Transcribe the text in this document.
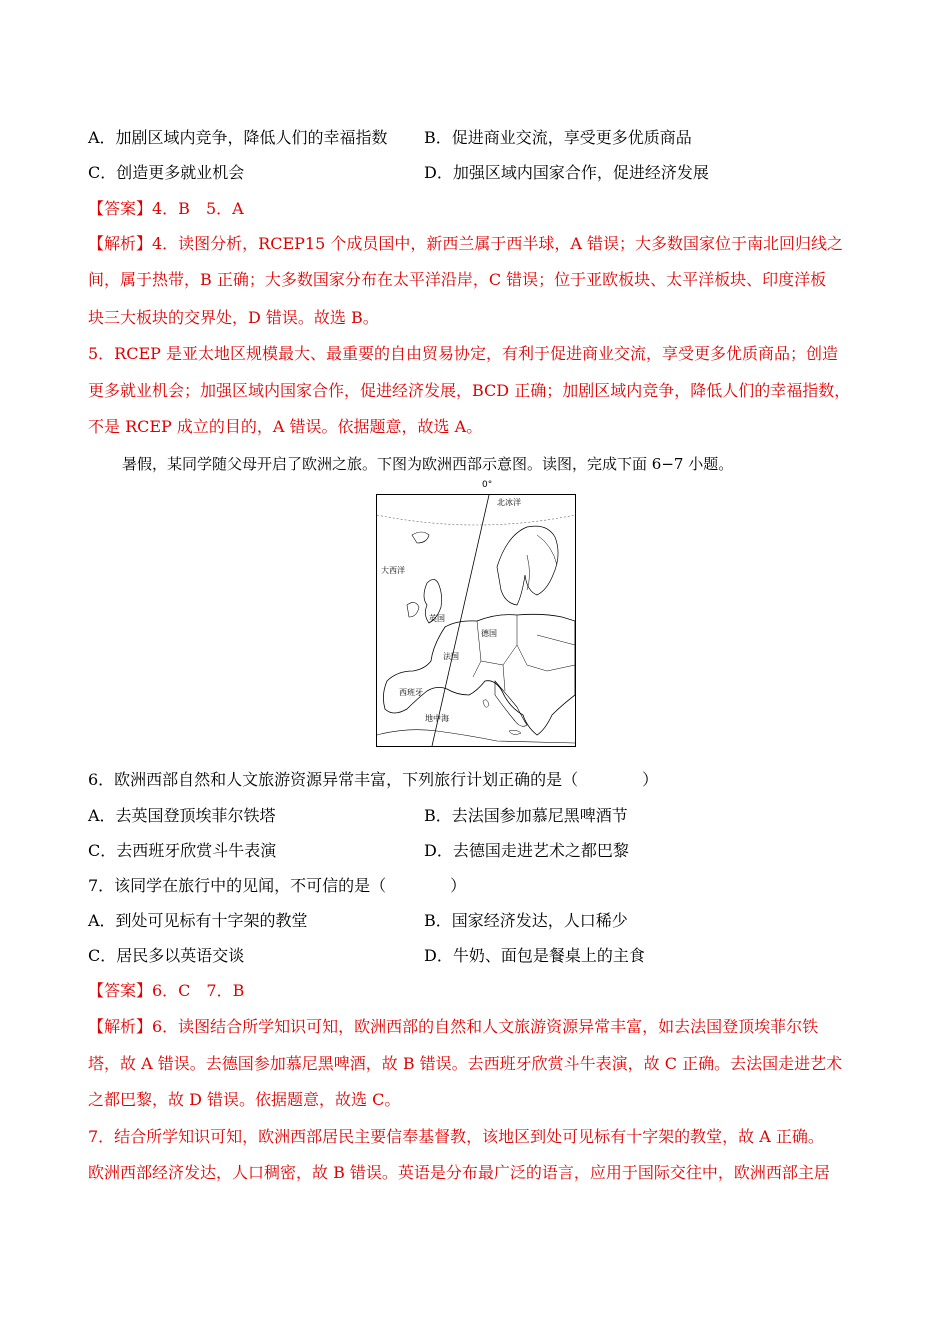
A．加剧区域内竞争，降低人们的幸福指数 B．促进商业交流，享受更多优质商品
C．创造更多就业机会	D．加强区域内国家合作，促进经济发展
【答案】4．B　5．A
【解析】4．读图分析，RCEP15 个成员国中，新西兰属于西半球，A 错误；大多数国家位于南北回归线之
间，属于热带，B 正确；大多数国家分布在太平洋沿岸，C 错误；位于亚欧板块、太平洋板块、印度洋板
块三大板块的交界处，D 错误。故选 B。
5．RCEP 是亚太地区规模最大、最重要的自由贸易协定，有利于促进商业交流，享受更多优质商品；创造
更多就业机会；加强区域内国家合作，促进经济发展，BCD 正确；加剧区域内竞争，降低人们的幸福指数，
不是 RCEP 成立的目的，A 错误。依据题意，故选 A。
暑假，某同学随父母开启了欧洲之旅。下图为欧洲西部示意图。读图，完成下面 6−7 小题。
0°
北冰洋
大西洋
英国
德国
法国
西班牙
地中海
6．欧洲西部自然和人文旅游资源异常丰富，下列旅行计划正确的是（　　　　）
A．去英国登顶埃菲尔铁塔	B．去法国参加慕尼黑啤酒节
C．去西班牙欣赏斗牛表演	D．去德国走进艺术之都巴黎
7．该同学在旅行中的见闻，不可信的是（　　　　）
A．到处可见标有十字架的教堂	B．国家经济发达，人口稀少
C．居民多以英语交谈	D．牛奶、面包是餐桌上的主食
【答案】6．C　7．B
【解析】6．读图结合所学知识可知，欧洲西部的自然和人文旅游资源异常丰富，如去法国登顶埃菲尔铁
塔，故 A 错误。去德国参加慕尼黑啤酒，故 B 错误。去西班牙欣赏斗牛表演，故 C 正确。去法国走进艺术
之都巴黎，故 D 错误。依据题意，故选 C。
7．结合所学知识可知，欧洲西部居民主要信奉基督教，该地区到处可见标有十字架的教堂，故 A 正确。
欧洲西部经济发达，人口稠密，故 B 错误。英语是分布最广泛的语言，应用于国际交往中，欧洲西部主居
